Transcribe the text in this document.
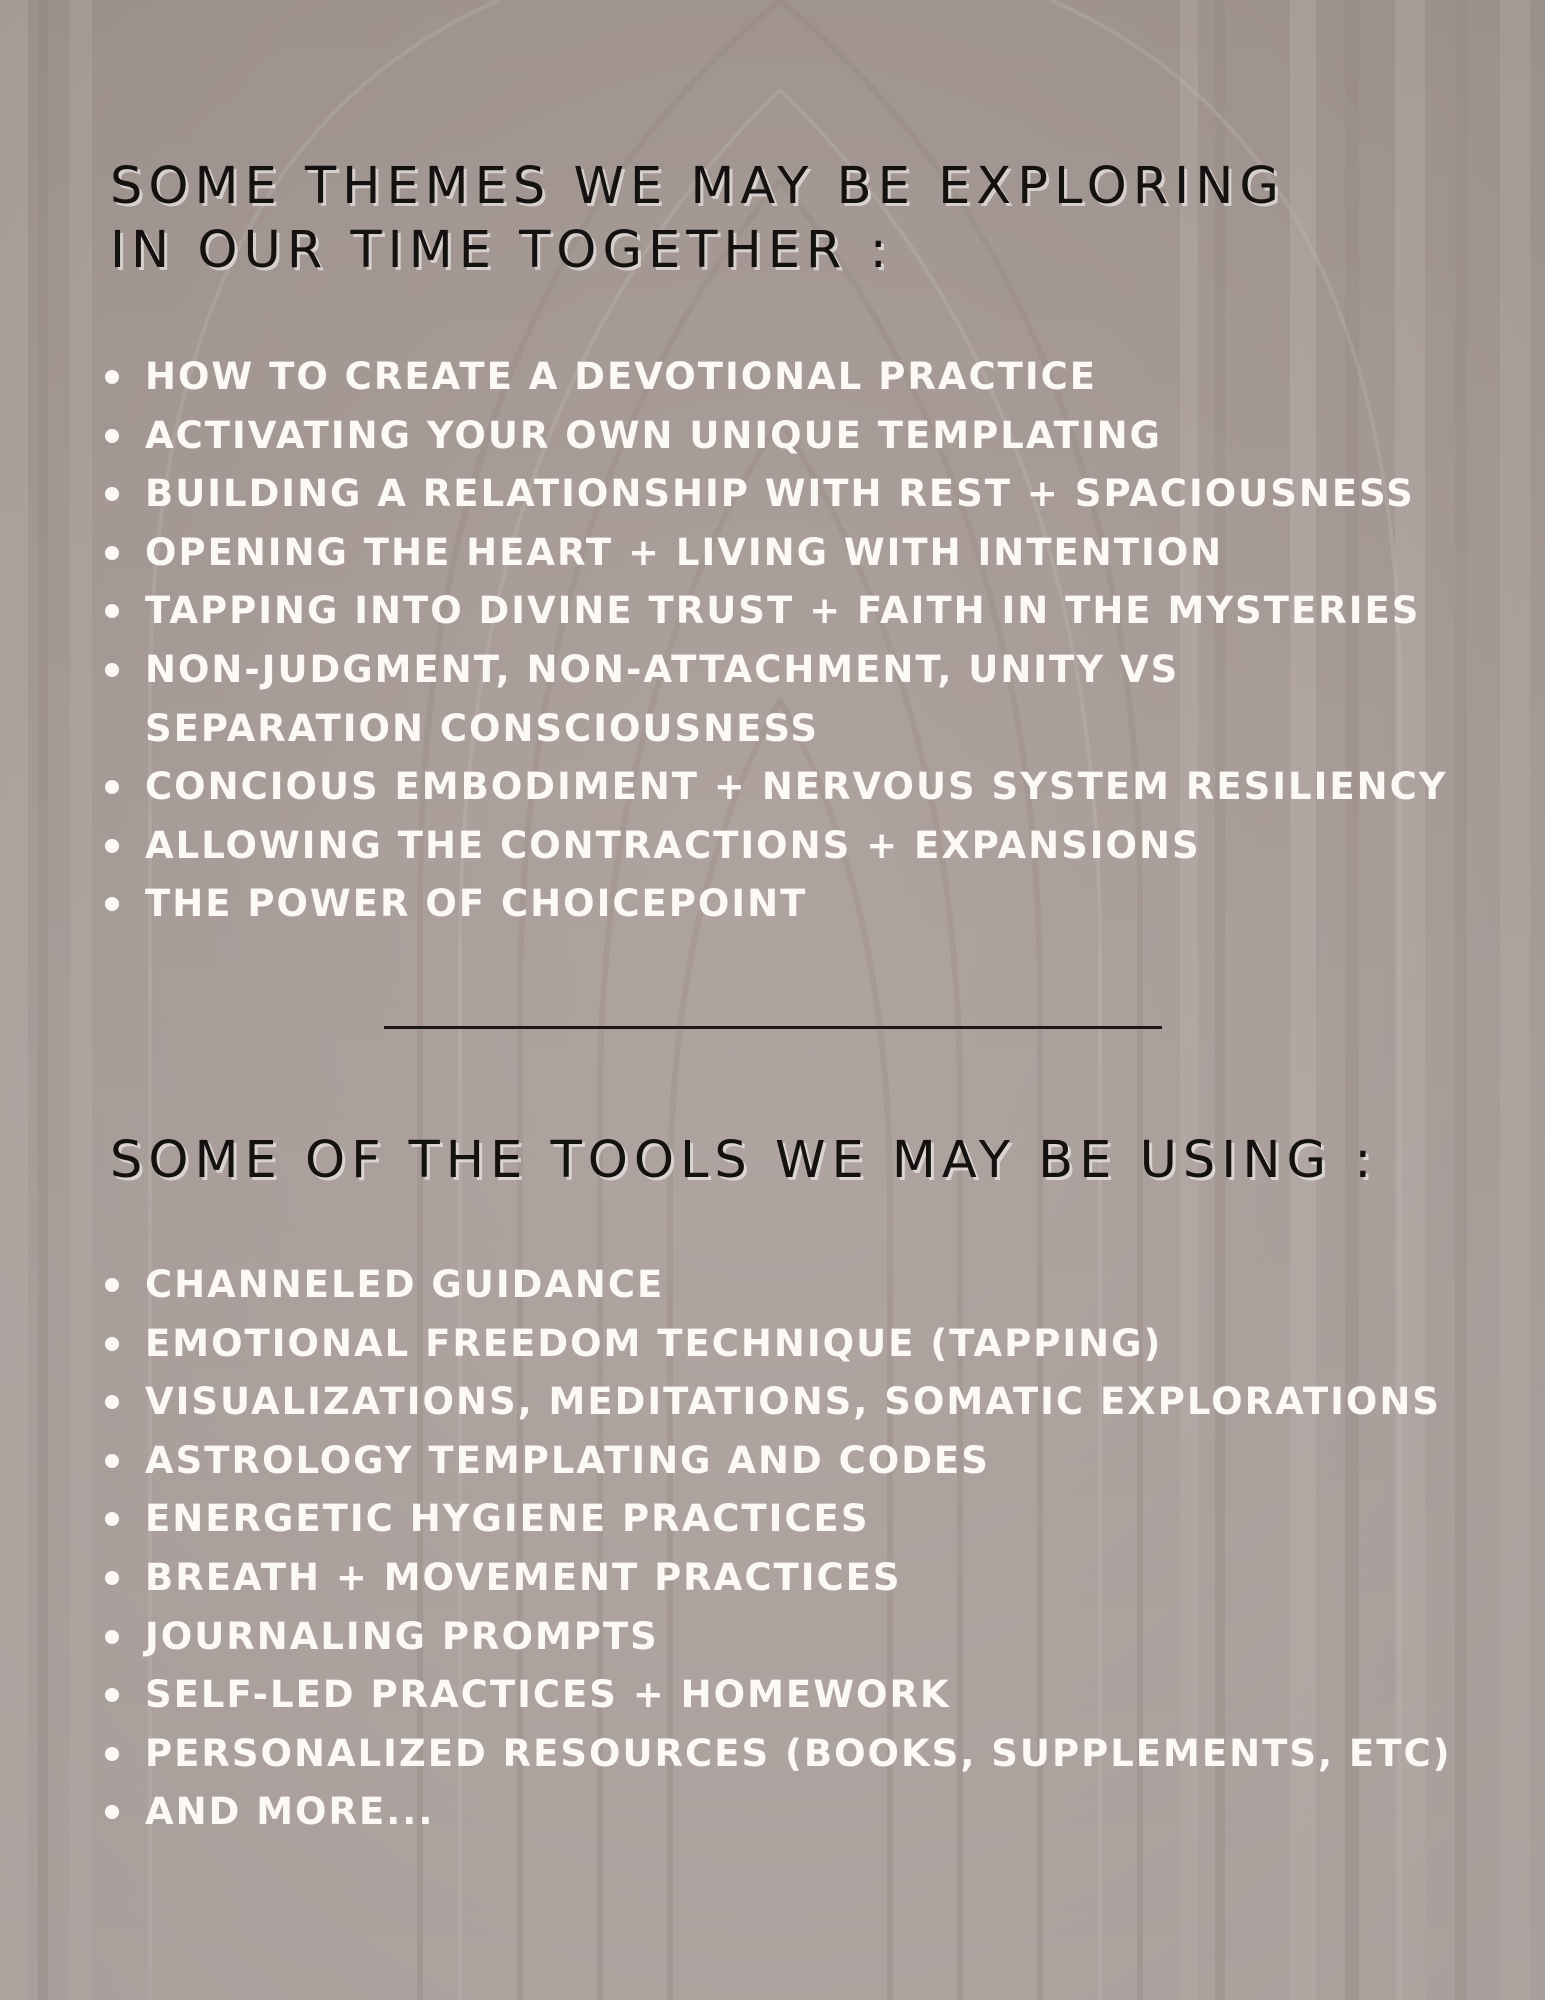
SOME THEMES WE MAY BE EXPLORING
IN OUR TIME TOGETHER :
HOW TO CREATE A DEVOTIONAL PRACTICE
ACTIVATING YOUR OWN UNIQUE TEMPLATING
BUILDING A RELATIONSHIP WITH REST + SPACIOUSNESS
OPENING THE HEART + LIVING WITH INTENTION
TAPPING INTO DIVINE TRUST + FAITH IN THE MYSTERIES
NON-JUDGMENT, NON-ATTACHMENT, UNITY VS SEPARATION CONSCIOUSNESS
CONCIOUS EMBODIMENT + NERVOUS SYSTEM RESILIENCY
ALLOWING THE CONTRACTIONS + EXPANSIONS
THE POWER OF CHOICEPOINT
SOME OF THE TOOLS WE MAY BE USING :
CHANNELED GUIDANCE
EMOTIONAL FREEDOM TECHNIQUE (TAPPING)
VISUALIZATIONS, MEDITATIONS, SOMATIC EXPLORATIONS
ASTROLOGY TEMPLATING AND CODES
ENERGETIC HYGIENE PRACTICES
BREATH + MOVEMENT PRACTICES
JOURNALING PROMPTS
SELF-LED PRACTICES + HOMEWORK
PERSONALIZED RESOURCES (BOOKS, SUPPLEMENTS, ETC)
AND MORE...
